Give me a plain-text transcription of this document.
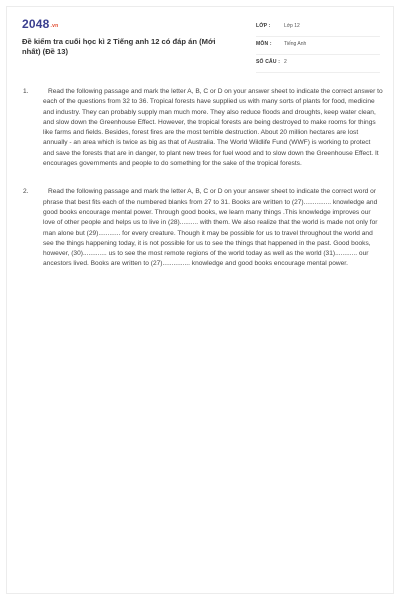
2048.vn
Đề kiểm tra cuối học kì 2 Tiếng anh 12 có đáp án (Mới nhất) (Đề 13)
LỚP :	Lớp 12
MÔN : Tiếng Anh
SỐ CÂU : 2
1.	Read the following passage and mark the letter A, B, C or D on your answer sheet to indicate the correct answer to each of the questions from 32 to 36. Tropical forests have supplied us with many sorts of plants for food, medicine and industry. They can probably supply man much more. They also reduce floods and droughts, keep water clean, and slow down the Greenhouse Effect. However, the tropical forests are being destroyed to make rooms for things like farms and fields. Besides, forest fires are the most terrible destruction. About 20 million hectares are lost annually - an area which is twice as big as that of Australia. The World Wildlife Fund (WWF) is working to protect and save the forests that are in danger, to plant new trees for fuel wood and to slow down the Greenhouse Effect. It encourages governments and people to do something for the sake of the tropical forests.
2.	Read the following passage and mark the letter A, B, C or D on your answer sheet to indicate the correct word or phrase that best fits each of the numbered blanks from 27 to 31. Books are written to (27)............... knowledge and good books encourage mental power. Through good books, we learn many things .This knowledge improves our love of other people and helps us to live in (28).......... with them. We also realize that the world is made not only for man alone but (29)............ for every creature. Though it may be possible for us to travel throughout the world and see the things happening today, it is not possible for us to see the things that happened in the past. Good books, however, (30)............. us to see the most remote regions of the world today as well as the world (31)............ our ancestors lived. Books are written to (27)............... knowledge and good books encourage mental power.
